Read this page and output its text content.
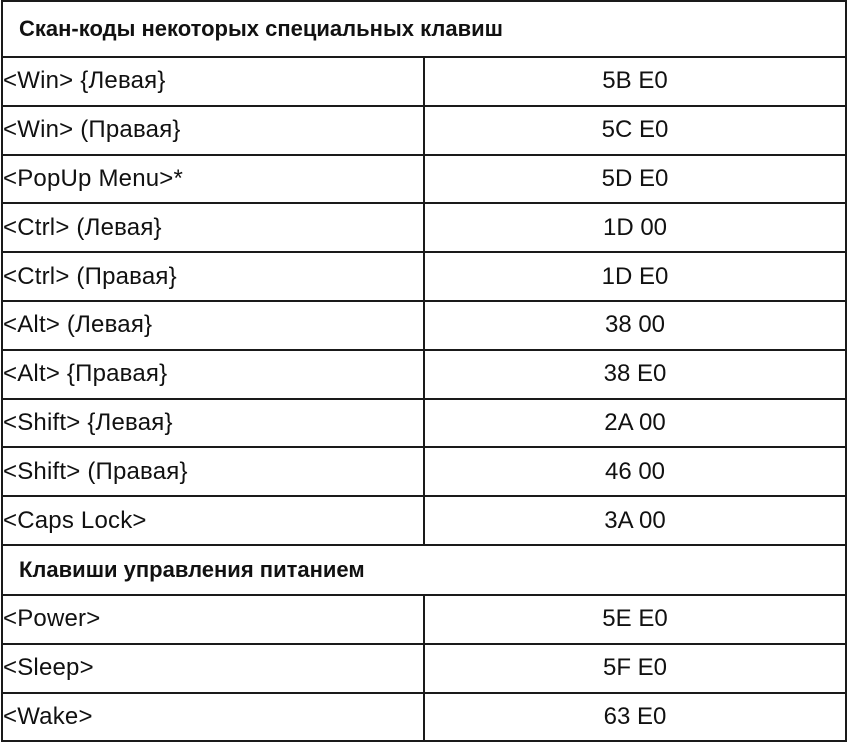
Скан-коды некоторых специальных клавиш	
<Win> {Левая}	5B E0
<Win> (Правая}	5C E0
<PopUp Menu>*	5D E0
<Ctrl> (Левая}	1D 00
<Ctrl> (Правая}	1D E0
<Alt> (Левая}	38 00
<Alt> {Правая}	38 E0
<Shift> {Левая}	2A 00
<Shift> (Правая}	46 00
<Caps Lock>	3A 00
Клавиши управления питанием	
<Power>	5E E0
<Sleep>	5F E0
<Wake>	63 E0
